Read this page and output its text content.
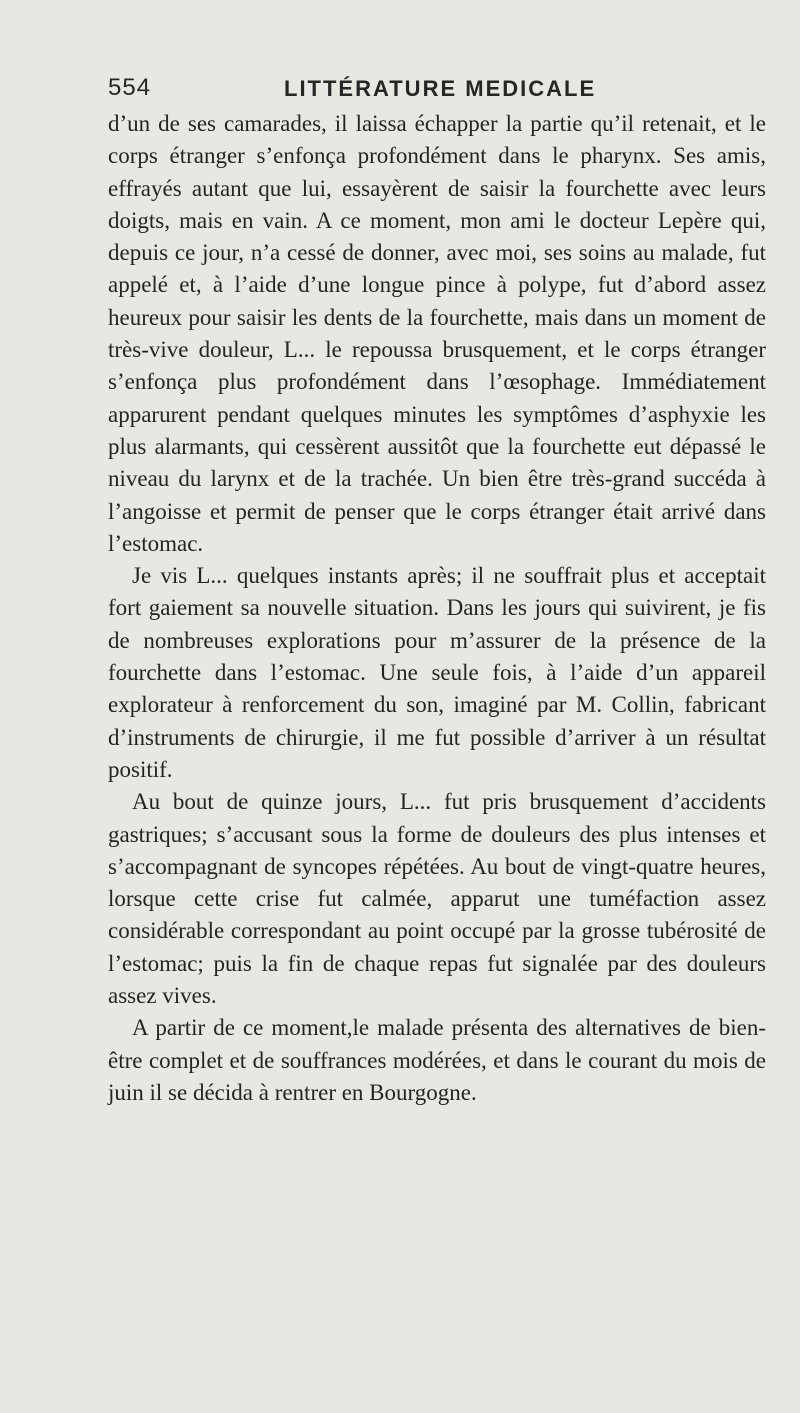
554	LITTÉRATURE MEDICALE

d’un de ses camarades, il laissa échapper la partie qu’il retenait, et le corps étranger s’enfonça profondément dans le pharynx. Ses amis, effrayés autant que lui, essayèrent de saisir la fourchette avec leurs doigts, mais en vain. A ce moment, mon ami le docteur Lepère qui, depuis ce jour, n’a cessé de donner, avec moi, ses soins au malade, fut appelé et, à l’aide d’une longue pince à polype, fut d’abord assez heureux pour saisir les dents de la fourchette, mais dans un moment de très-vive douleur, L... le repoussa brusquement, et le corps étranger s’enfonça plus profondément dans l’œsophage. Immédiatement apparurent pendant quelques minutes les symptômes d’asphyxie les plus alarmants, qui cessèrent aussitôt que la fourchette eut dépassé le niveau du larynx et de la trachée. Un bien être très-grand succéda à l’angoisse et permit de penser que le corps étranger était arrivé dans l’estomac.

Je vis L... quelques instants après; il ne souffrait plus et acceptait fort gaiement sa nouvelle situation. Dans les jours qui suivirent, je fis de nombreuses explorations pour m’assurer de la présence de la fourchette dans l’estomac. Une seule fois, à l’aide d’un appareil explorateur à renforcement du son, imaginé par M. Collin, fabricant d’instruments de chirurgie, il me fut possible d’arriver à un résultat positif.

Au bout de quinze jours, L... fut pris brusquement d’accidents gastriques; s’accusant sous la forme de douleurs des plus intenses et s’accompagnant de syncopes répétées. Au bout de vingt-quatre heures, lorsque cette crise fut calmée, apparut une tuméfaction assez considérable correspondant au point occupé par la grosse tubérosité de l’estomac; puis la fin de chaque repas fut signalée par des douleurs assez vives.

A partir de ce moment,le malade présenta des alternatives de bien-être complet et de souffrances modérées, et dans le courant du mois de juin il se décida à rentrer en Bourgogne.
